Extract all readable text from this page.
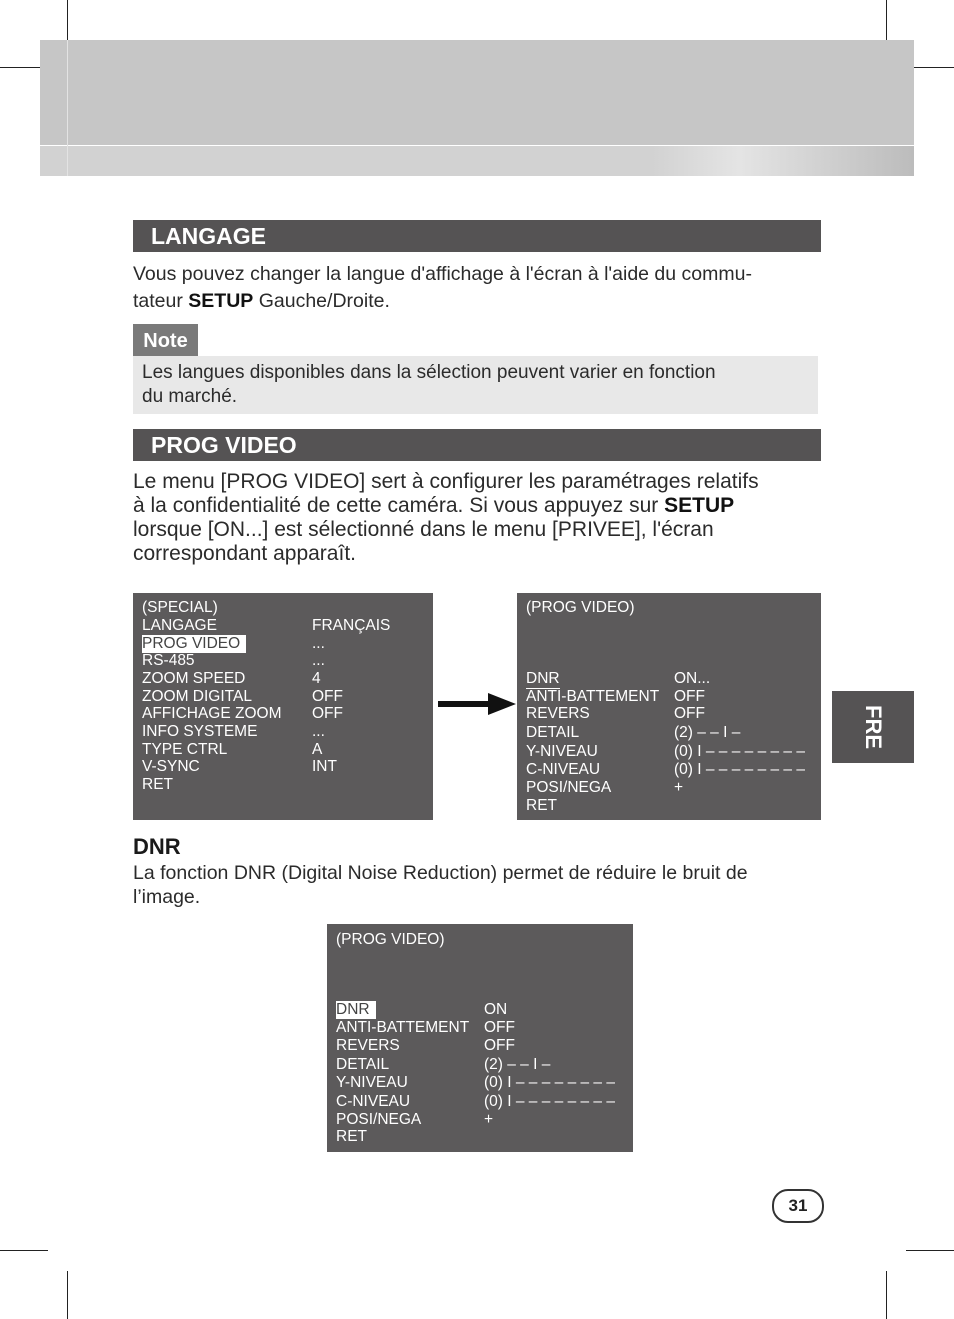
LANGAGE

Vous pouvez changer la langue d'affichage à l'écran à l'aide du commu-
tateur SETUP Gauche/Droite.

Note
Les langues disponibles dans la sélection peuvent varier en fonction
du marché.
PROG VIDEO

Le menu [PROG VIDEO] sert à configurer les paramétrages relatifs
à la confidentialité de cette caméra. Si vous appuyez sur SETUP
lorsque [ON...] est sélectionné dans le menu [PRIVEE], l'écran
correspondant apparaît.

(SPECIAL)
LANGAGE	FRANÇAIS
PROG VIDEO	...
RS-485	...
ZOOM SPEED	4
ZOOM DIGITAL	OFF
AFFICHAGE ZOOM OFF
INFO SYSTEME	...
TYPE CTRL	A
V-SYNC	INT
RET
(PROG VIDEO)
DNR	ON...
ANTI-BATTEMENT OFF
REVERS	OFF
DETAIL	(2) – – I –
Y-NIVEAU	(0) I – – – – – – – –
C-NIVEAU	(0) I – – – – – – – –
POSI/NEGA	+
RET
FRE
DNR

La fonction DNR (Digital Noise Reduction) permet de réduire le bruit de
l’image.

(PROG VIDEO)
DNR	ON
ANTI-BATTEMENT OFF
REVERS	OFF
DETAIL	(2) – – I –
Y-NIVEAU	(0) I – – – – – – – –
C-NIVEAU	(0) I – – – – – – – –
POSI/NEGA	+
RET
31
